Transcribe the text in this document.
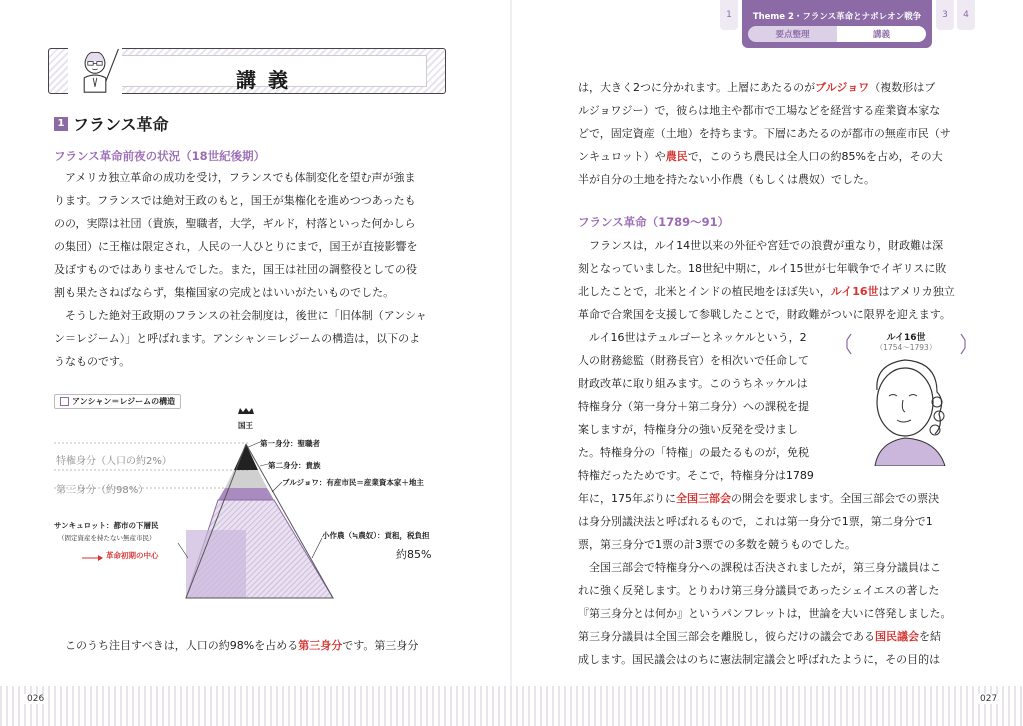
講義
1 フランス革命
フランス革命前夜の状況（18世紀後期）
アメリカ独立革命の成功を受け，フランスでも体制変化を望む声が強ま
ります。フランスでは絶対王政のもと，国王が集権化を進めつつあったも
のの，実際は社団（貴族，聖職者，大学，ギルド，村落といった何かしら
の集団）に王権は限定され，人民の一人ひとりにまで，国王が直接影響を
及ぼすものではありませんでした。また，国王は社団の調整役としての役
割も果たさねばならず，集権国家の完成とはいいがたいものでした。
そうした絶対王政期のフランスの社会制度は，後世に「旧体制（アンシャ
ン＝レジーム）」と呼ばれます。アンシャン＝レジームの構造は，以下のよ
うなものです。
アンシャン＝レジームの構造
国王
第一身分：聖職者
第二身分：貴族
ブルジョワ：有産市民＝産業資本家＋地主
特権身分（人口の約2%）
第三身分（約98%）
サンキュロット：都市の下層民
（固定資産を持たない無産市民）
革命初期の中心
小作農（≒農奴）：貢租，税負担
約85%

このうち注目すべきは，人口の約98%を占める第三身分です。第三身分

026	027
1	Theme 2・フランス革命とナポレオン戦争
要点整理	講義
3	4
は，大きく2つに分かれます。上層にあたるのがブルジョワ（複数形はブ
ルジョワジー）で，彼らは地主や都市で工場などを経営する産業資本家な
どで，固定資産（土地）を持ちます。下層にあたるのが都市の無産市民（サ
ンキュロット）や農民で，このうち農民は全人口の約85%を占め，その大
半が自分の土地を持たない小作農（もしくは農奴）でした。
フランス革命（1789〜91）
フランスは，ルイ14世以来の外征や宮廷での浪費が重なり，財政難は深
刻となっていました。18世紀中期に，ルイ15世が七年戦争でイギリスに敗
北したことで，北米とインドの植民地をほぼ失い，ルイ16世はアメリカ独立
革命で合衆国を支援して参戦したことで，財政難がついに限界を迎えます。
ルイ16世はテュルゴーとネッケルという，2
人の財務総監（財務長官）を相次いで任命して
財政改革に取り組みます。このうちネッケルは
特権身分（第一身分＋第二身分）への課税を提
案しますが，特権身分の強い反発を受けまし
た。特権身分の「特権」の最たるものが，免税
特権だったためです。そこで，特権身分は1789
ルイ16世
（1754〜1793）
年に，175年ぶりに全国三部会の開会を要求します。全国三部会での票決
は身分別議決法と呼ばれるもので，これは第一身分で1票，第二身分で1
票，第三身分で1票の計3票での多数を競うものでした。
全国三部会で特権身分への課税は否決されましたが，第三身分議員はこ
れに強く反発します。とりわけ第三身分議員であったシェイエスの著した
『第三身分とは何か』というパンフレットは，世論を大いに啓発しました。
第三身分議員は全国三部会を離脱し，彼らだけの議会である国民議会を結
成します。国民議会はのちに憲法制定議会と呼ばれたように，その目的は
